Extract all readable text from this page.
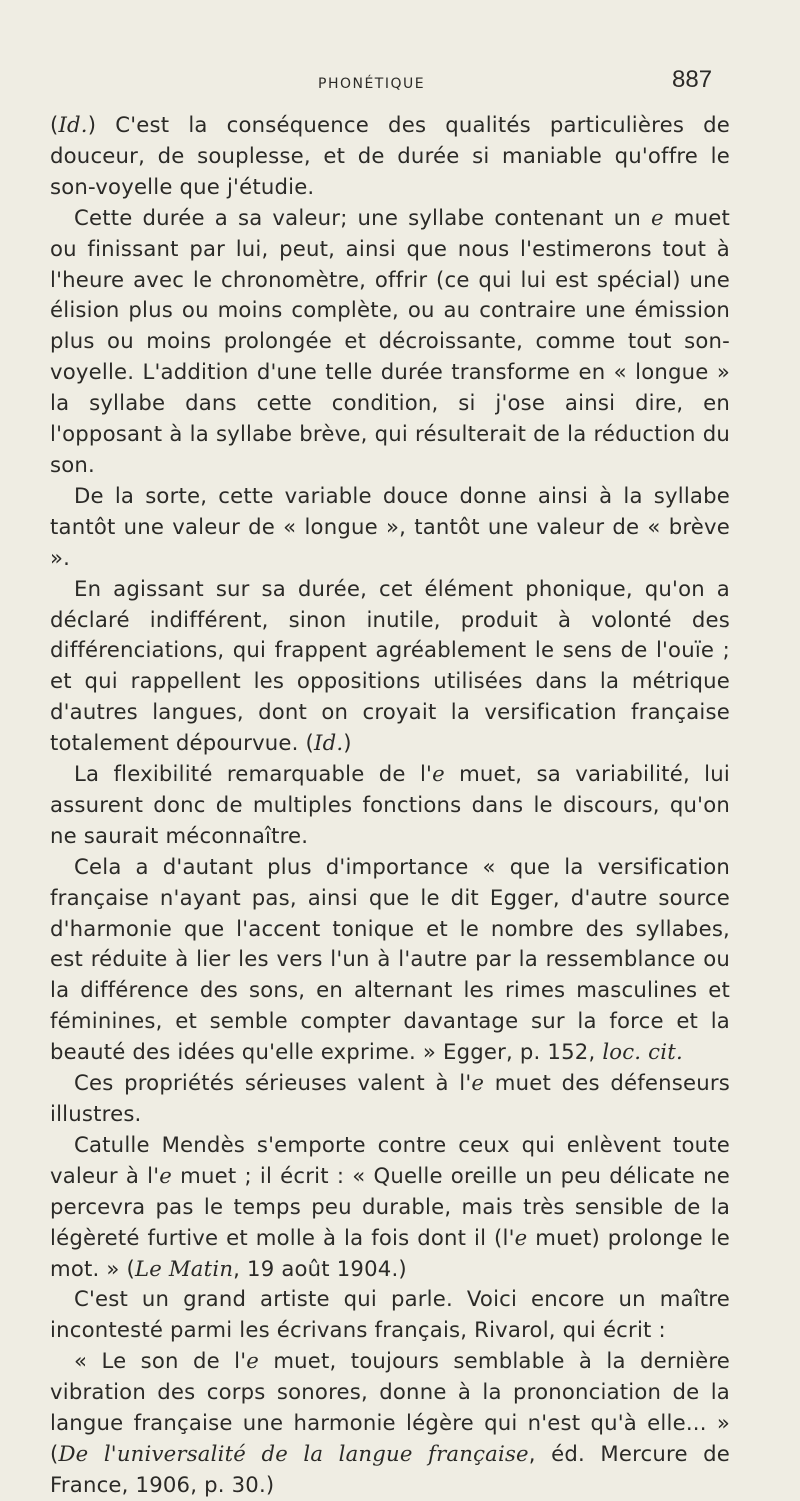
PHONÉTIQUE	887

(Id.) C'est la conséquence des qualités particulières de douceur, de souplesse, et de durée si maniable qu'offre le son-voyelle que j'étudie.

Cette durée a sa valeur; une syllabe contenant un e muet ou finissant par lui, peut, ainsi que nous l'estimerons tout à l'heure avec le chronomètre, offrir (ce qui lui est spécial) une élision plus ou moins complète, ou au contraire une émission plus ou moins prolongée et décroissante, comme tout son-voyelle. L'addition d'une telle durée transforme en « longue » la syllabe dans cette condition, si j'ose ainsi dire, en l'opposant à la syllabe brève, qui résulterait de la réduction du son.

De la sorte, cette variable douce donne ainsi à la syllabe tantôt une valeur de « longue », tantôt une valeur de « brève ».

En agissant sur sa durée, cet élément phonique, qu'on a déclaré indifférent, sinon inutile, produit à volonté des différenciations, qui frappent agréablement le sens de l'ouïe ; et qui rappellent les oppositions utilisées dans la métrique d'autres langues, dont on croyait la versification française totalement dépourvue. (Id.)

La flexibilité remarquable de l'e muet, sa variabilité, lui assurent donc de multiples fonctions dans le discours, qu'on ne saurait méconnaître.

Cela a d'autant plus d'importance « que la versification française n'ayant pas, ainsi que le dit Egger, d'autre source d'harmonie que l'accent tonique et le nombre des syllabes, est réduite à lier les vers l'un à l'autre par la ressemblance ou la différence des sons, en alternant les rimes masculines et féminines, et semble compter davantage sur la force et la beauté des idées qu'elle exprime. » Egger, p. 152, loc. cit.

Ces propriétés sérieuses valent à l'e muet des défenseurs illustres.

Catulle Mendès s'emporte contre ceux qui enlèvent toute valeur à l'e muet ; il écrit : « Quelle oreille un peu délicate ne percevra pas le temps peu durable, mais très sensible de la légèreté furtive et molle à la fois dont il (l'e muet) prolonge le mot. » (Le Matin, 19 août 1904.)

C'est un grand artiste qui parle. Voici encore un maître incontesté parmi les écrivans français, Rivarol, qui écrit :

« Le son de l'e muet, toujours semblable à la dernière vibration des corps sonores, donne à la prononciation de la langue française une harmonie légère qui n'est qu'à elle... » (De l'universalité de la langue française, éd. Mercure de France, 1906, p. 30.)
